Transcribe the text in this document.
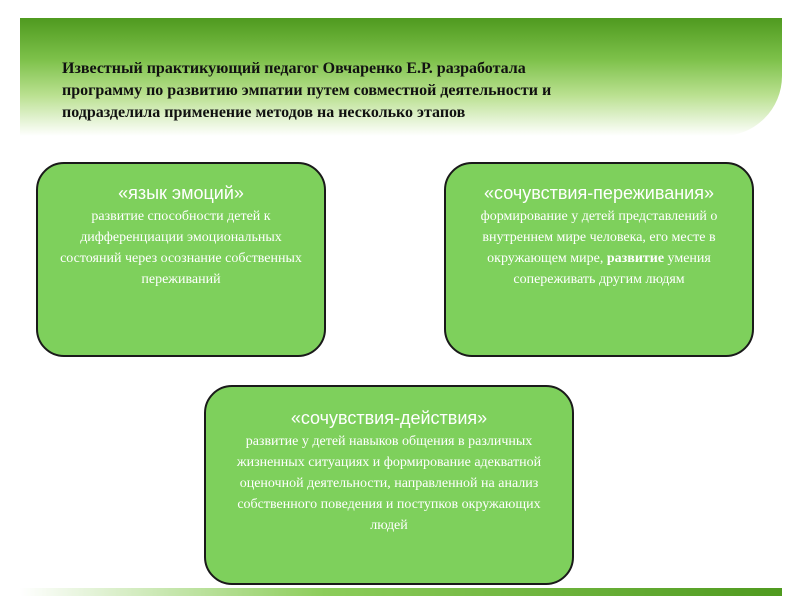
Известный практикующий педагог Овчаренко Е.Р. разработала
программу по развитию эмпатии путем совместной деятельности и
подразделила применение методов на несколько этапов
«язык эмоций»
развитие способности детей к дифференциации эмоциональных состояний через осознание собственных переживаний
«сочувствия-переживания»
формирование у детей представлений о внутреннем мире человека, его месте в окружающем мире, развитие умения сопереживать другим людям
«сочувствия-действия»
развитие у детей навыков общения в различных жизненных ситуациях и формирование адекватной оценочной деятельности, направленной на анализ собственного поведения и поступков окружающих людей
